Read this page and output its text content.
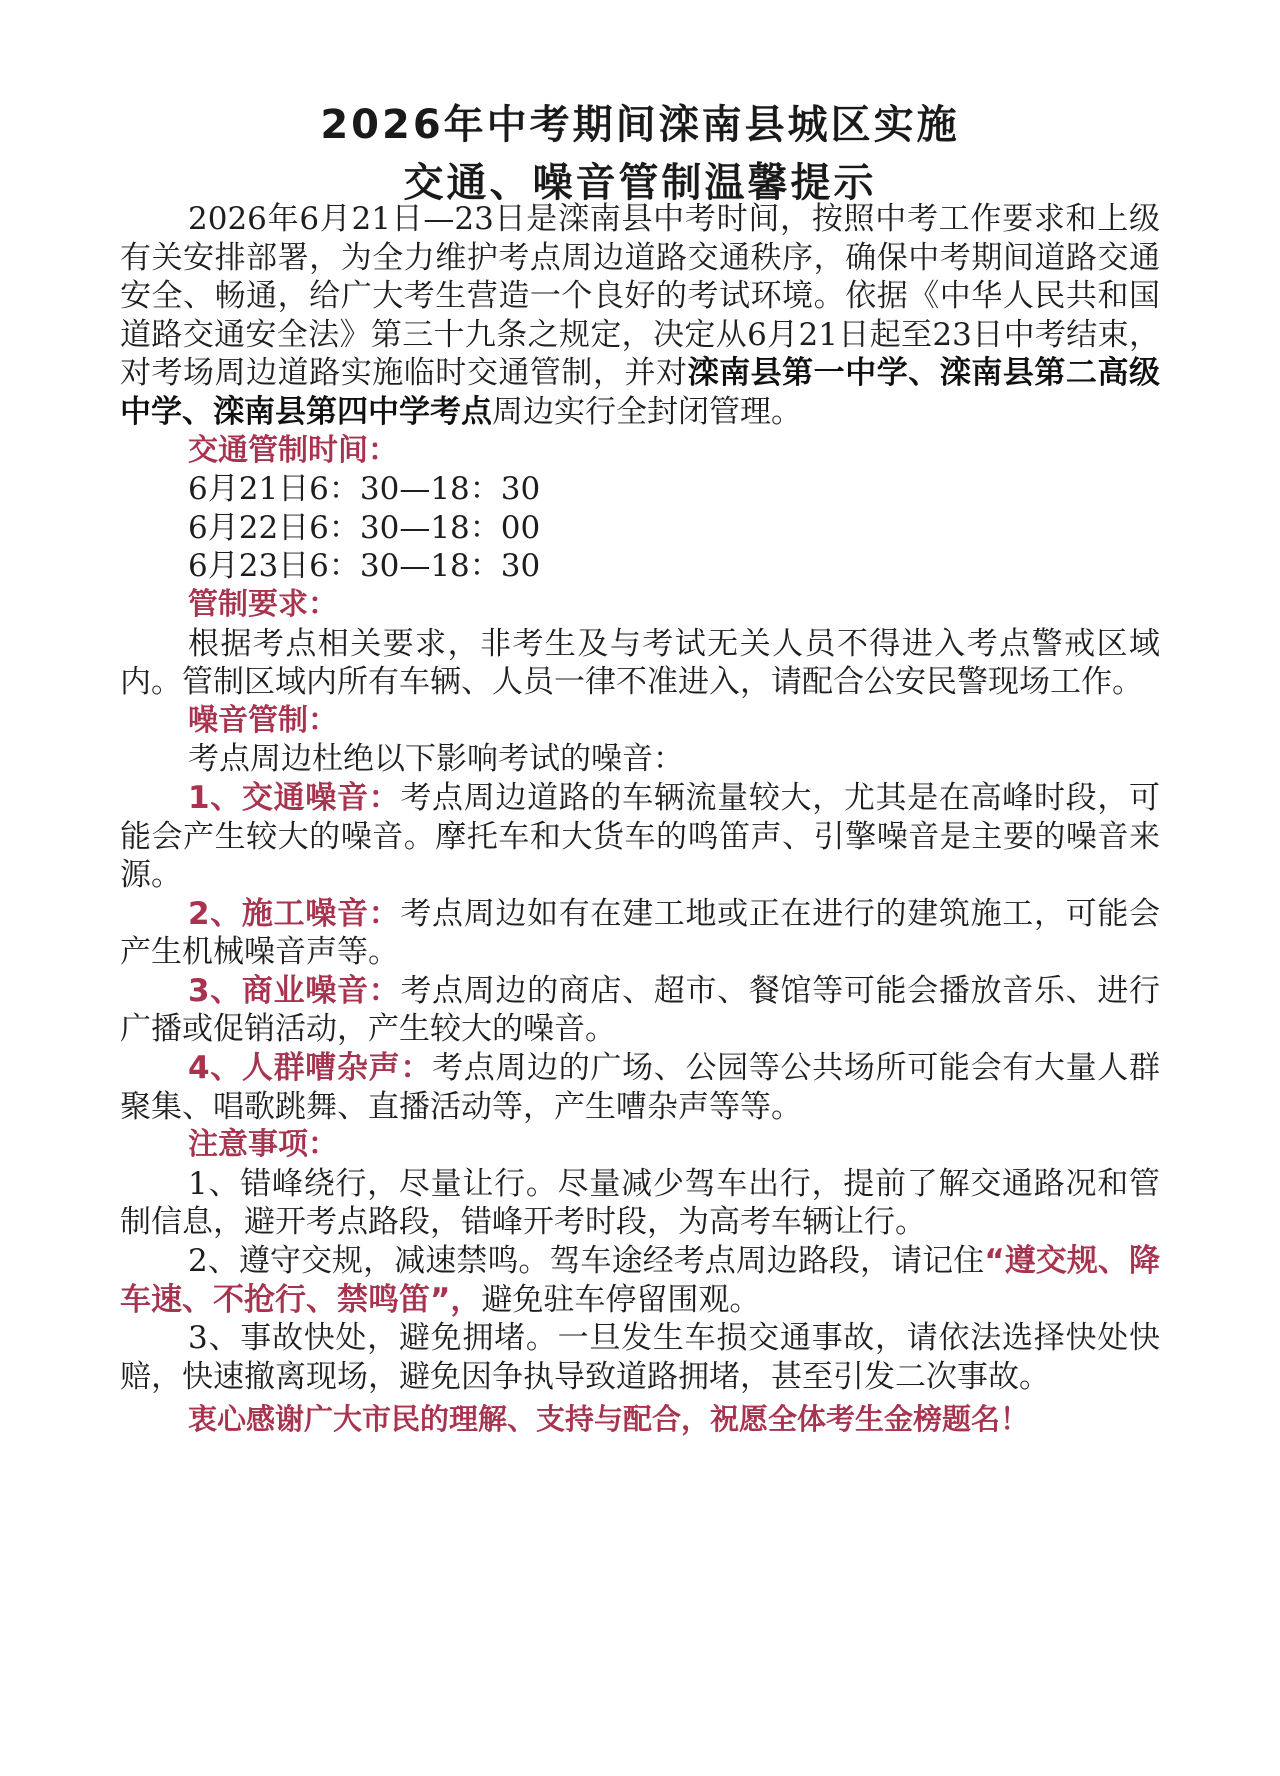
2026年中考期间滦南县城区实施
交通、噪音管制温馨提示

2026年6月21日—23日是滦南县中考时间，按照中考工作要求和上级有关安排部署，为全力维护考点周边道路交通秩序，确保中考期间道路交通安全、畅通，给广大考生营造一个良好的考试环境。依据《中华人民共和国道路交通安全法》第三十九条之规定，决定从6月21日起至23日中考结束，对考场周边道路实施临时交通管制，并对滦南县第一中学、滦南县第二高级中学、滦南县第四中学考点周边实行全封闭管理。

交通管制时间：

6月21日6：30—18：30

6月22日6：30—18：00

6月23日6：30—18：30

管制要求：

根据考点相关要求，非考生及与考试无关人员不得进入考点警戒区域内。管制区域内所有车辆、人员一律不准进入，请配合公安民警现场工作。

噪音管制：

考点周边杜绝以下影响考试的噪音：

1、交通噪音：考点周边道路的车辆流量较大，尤其是在高峰时段，可能会产生较大的噪音。摩托车和大货车的鸣笛声、引擎噪音是主要的噪音来源。

2、施工噪音：考点周边如有在建工地或正在进行的建筑施工，可能会产生机械噪音声等。

3、商业噪音：考点周边的商店、超市、餐馆等可能会播放音乐、进行广播或促销活动，产生较大的噪音。

4、人群嘈杂声：考点周边的广场、公园等公共场所可能会有大量人群聚集、唱歌跳舞、直播活动等，产生嘈杂声等等。

注意事项：

1、错峰绕行，尽量让行。尽量减少驾车出行，提前了解交通路况和管制信息，避开考点路段，错峰开考时段，为高考车辆让行。

2、遵守交规，减速禁鸣。驾车途经考点周边路段，请记住“遵交规、降车速、不抢行、禁鸣笛”，避免驻车停留围观。

3、事故快处，避免拥堵。一旦发生车损交通事故，请依法选择快处快赔，快速撤离现场，避免因争执导致道路拥堵，甚至引发二次事故。

衷心感谢广大市民的理解、支持与配合，祝愿全体考生金榜题名！
